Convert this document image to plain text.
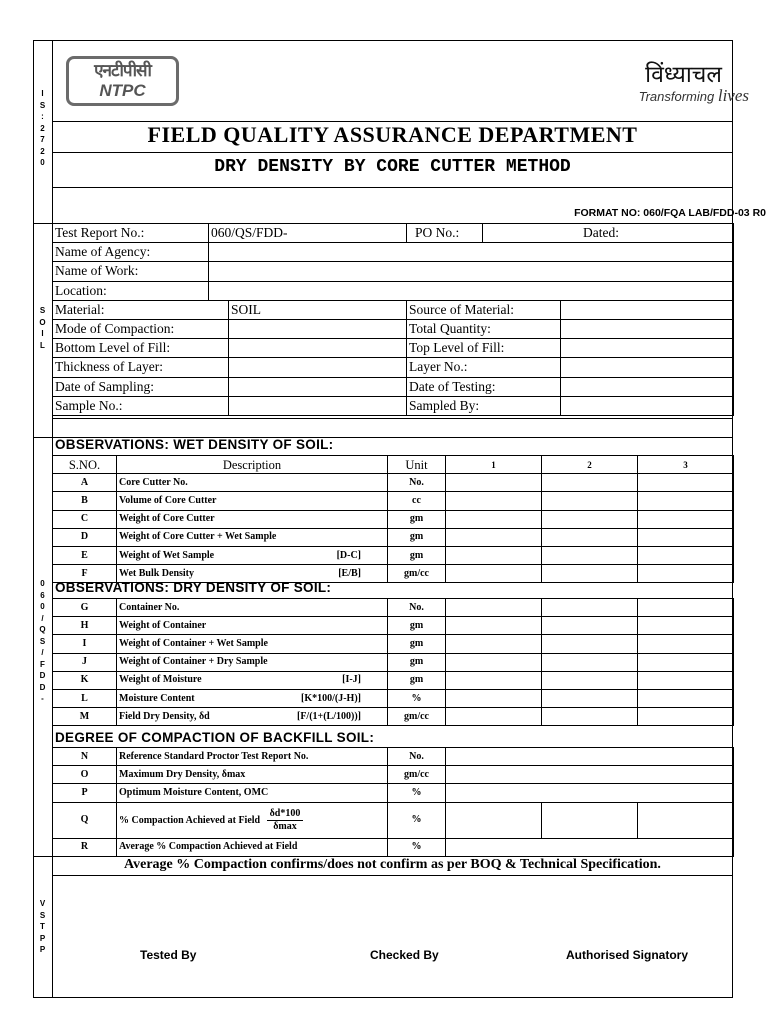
I
S
:
2
7
2
0
S
O
I
L
0
6
0
/
Q
S
/
F
D
D
-
V
S
T
P
P
एनटीपीसी
NTPC
विंध्याचल
Transforming lives
FIELD QUALITY ASSURANCE DEPARTMENT
DRY DENSITY BY CORE CUTTER METHOD
FORMAT NO: 060/FQA LAB/FDD-03 R0
Test Report No.:	060/QS/FDD-		PO No.:	Dated:	
Name of Agency:					
Name of Work:					
Location:					
Material:		SOIL	Source of Material:		
Mode of Compaction:			Total Quantity:		
Bottom Level of Fill:			Top Level of Fill:		
Thickness of Layer:			Layer No.:		
Date of Sampling:			Date of Testing:		
Sample No.:			Sampled By:		
OBSERVATIONS: WET DENSITY OF SOIL:
OBSERVATIONS: DRY DENSITY OF SOIL:
DEGREE OF COMPACTION OF BACKFILL SOIL:
S.NO.	Description	Unit	1	2	3
A	Core Cutter No.	No.			
B	Volume of Core Cutter	cc			
C	Weight of Core Cutter	gm			
D	Weight of Core Cutter + Wet Sample	gm			
E	Weight of Wet Sample [D-C]	gm			
F	Wet Bulk Density [E/B]	gm/cc			
G	Container No.	No.			
H	Weight of Container	gm			
I	Weight of Container + Wet Sample	gm			
J	Weight of Container + Dry Sample	gm			
K	Weight of Moisture [I-J]	gm			
L	Moisture Content [K*100/(J-H)]	%			
M	Field Dry Density, δd [F/(1+(L/100))]	gm/cc			
N	Reference Standard Proctor Test Report No.	No.			
O	Maximum Dry Density, δmax	gm/cc			
P	Optimum Moisture Content, OMC	%			
Q	% Compaction Achieved at Field $\frac{\delta d*100}{\delta\max}$	%			
R	Average % Compaction Achieved at Field	%			
Average % Compaction confirms/does not confirm as per BOQ & Technical Specification.
Tested By	Checked By	Authorised Signatory
